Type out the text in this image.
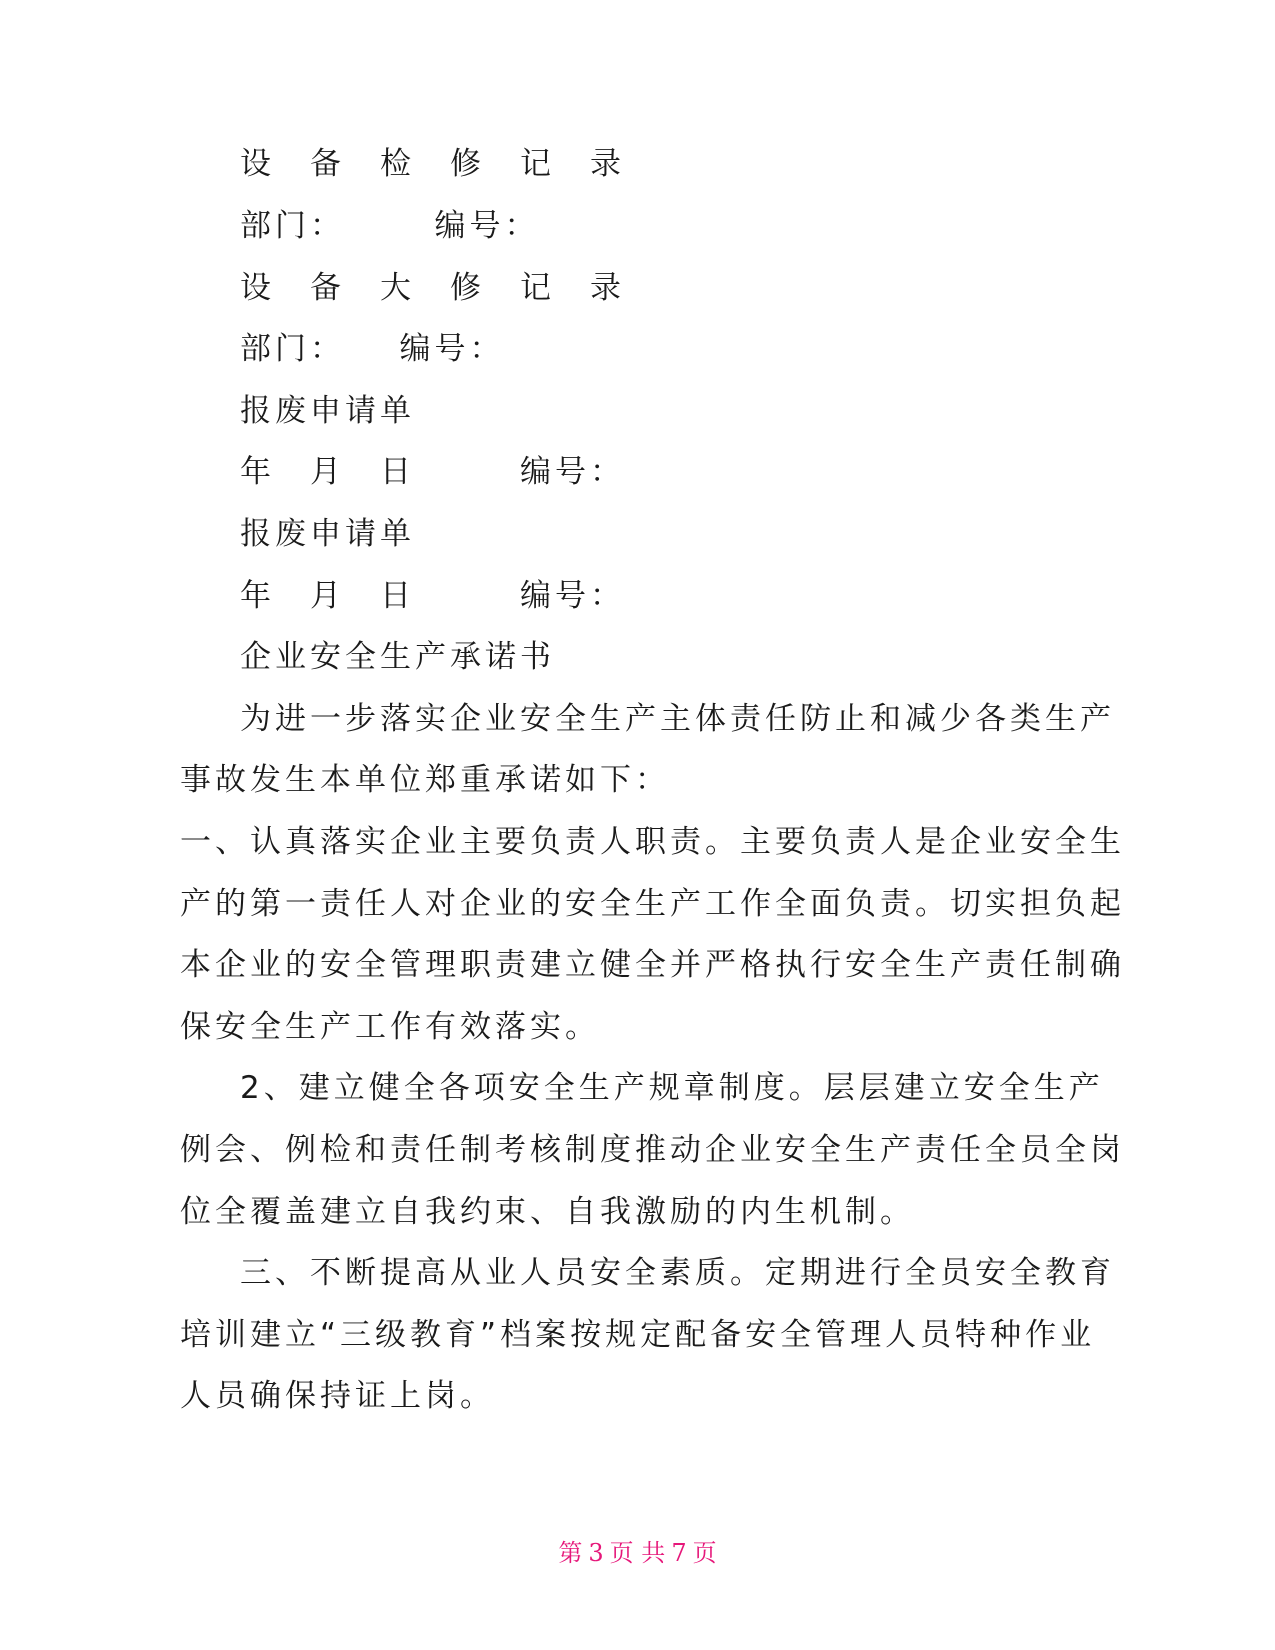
设　备　检　修　记　录
部门：　　　编号：
设　备　大　修　记　录
部门：　　编号：
报废申请单
年　月　日　　　编号：
报废申请单
年　月　日　　　编号：
企业安全生产承诺书
为进一步落实企业安全生产主体责任防止和减少各类生产
事故发生本单位郑重承诺如下：
一、认真落实企业主要负责人职责。主要负责人是企业安全生
产的第一责任人对企业的安全生产工作全面负责。切实担负起
本企业的安全管理职责建立健全并严格执行安全生产责任制确
保安全生产工作有效落实。
2、建立健全各项安全生产规章制度。层层建立安全生产
例会、例检和责任制考核制度推动企业安全生产责任全员全岗
位全覆盖建立自我约束、自我激励的内生机制。
三、不断提高从业人员安全素质。定期进行全员安全教育
培训建立“三级教育”档案按规定配备安全管理人员特种作业
人员确保持证上岗。
第 3 页 共 7 页
